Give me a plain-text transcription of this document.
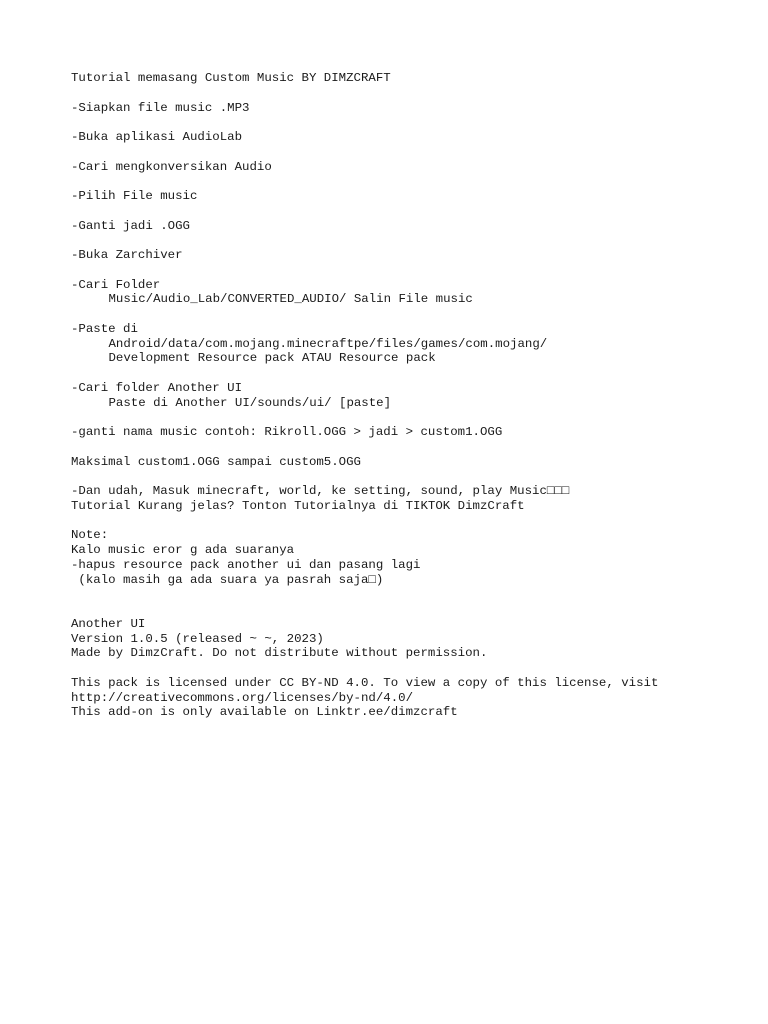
Tutorial memasang Custom Music BY DIMZCRAFT
-Siapkan file music .MP3
-Buka aplikasi AudioLab
-Cari mengkonversikan Audio
-Pilih File music
-Ganti jadi .OGG
-Buka Zarchiver
-Cari Folder
Music/Audio_Lab/CONVERTED_AUDIO/ Salin File music
-Paste di
Android/data/com.mojang.minecraftpe/files/games/com.mojang/
Development Resource pack ATAU Resource pack
-Cari folder Another UI
Paste di Another UI/sounds/ui/ [paste]
-ganti nama music contoh: Rikroll.OGG > jadi > custom1.OGG
Maksimal custom1.OGG sampai custom5.OGG
-Dan udah, Masuk minecraft, world, ke setting, sound, play Music□□□
Tutorial Kurang jelas? Tonton Tutorialnya di TIKTOK DimzCraft
Note:
Kalo music eror g ada suaranya
-hapus resource pack another ui dan pasang lagi
(kalo masih ga ada suara ya pasrah saja□)
Another UI
Version 1.0.5 (released ~ ~, 2023)
Made by DimzCraft. Do not distribute without permission.
This pack is licensed under CC BY-ND 4.0. To view a copy of this license, visit
http://creativecommons.org/licenses/by-nd/4.0/
This add-on is only available on Linktr.ee/dimzcraft
